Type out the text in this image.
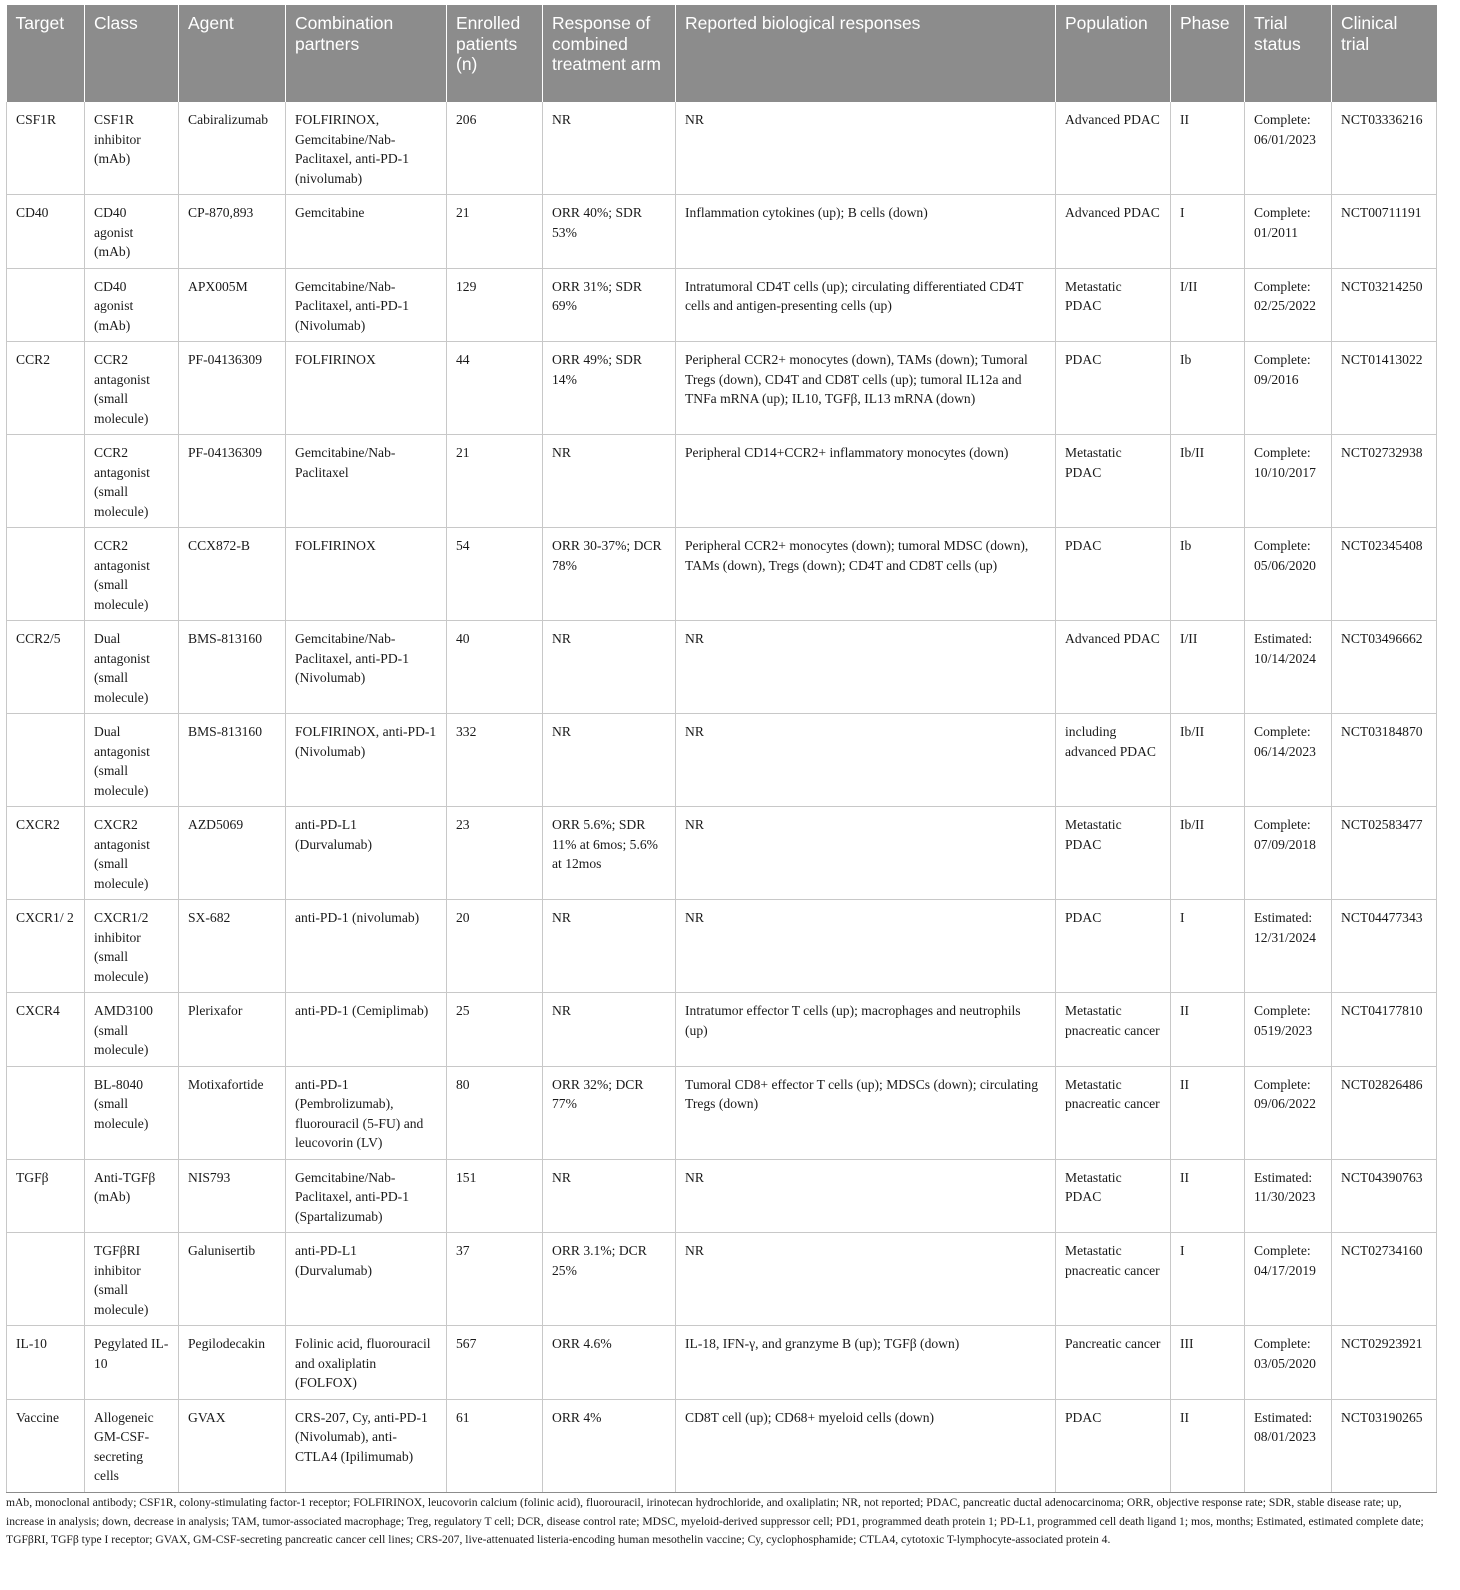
Target	Class	Agent	Combination partners	Enrolled patients (n)	Response of combined treatment arm	Reported biological responses	Population	Phase	Trial status	Clinical trial
CSF1R	CSF1R inhibitor (mAb)	Cabiralizumab	FOLFIRINOX, Gemcitabine/Nab-Paclitaxel, anti-PD-1 (nivolumab)	206	NR	NR	Advanced PDAC	II	Complete: 06/01/2023	NCT03336216
CD40	CD40 agonist (mAb)	CP-870,893	Gemcitabine	21	ORR 40%; SDR 53%	Inflammation cytokines (up); B cells (down)	Advanced PDAC	I	Complete: 01/2011	NCT00711191
	CD40 agonist (mAb)	APX005M	Gemcitabine/Nab-Paclitaxel, anti-PD-1 (Nivolumab)	129	ORR 31%; SDR 69%	Intratumoral CD4T cells (up); circulating differentiated CD4T cells and antigen-presenting cells (up)	Metastatic PDAC	I/II	Complete: 02/25/2022	NCT03214250
CCR2	CCR2 antagonist (small molecule)	PF-04136309	FOLFIRINOX	44	ORR 49%; SDR 14%	Peripheral CCR2+ monocytes (down), TAMs (down); Tumoral Tregs (down), CD4T and CD8T cells (up); tumoral IL12a and TNFa mRNA (up); IL10, TGFβ, IL13 mRNA (down)	PDAC	Ib	Complete: 09/2016	NCT01413022
	CCR2 antagonist (small molecule)	PF-04136309	Gemcitabine/Nab-Paclitaxel	21	NR	Peripheral CD14+CCR2+ inflammatory monocytes (down)	Metastatic PDAC	Ib/II	Complete: 10/10/2017	NCT02732938
	CCR2 antagonist (small molecule)	CCX872-B	FOLFIRINOX	54	ORR 30-37%; DCR 78%	Peripheral CCR2+ monocytes (down); tumoral MDSC (down), TAMs (down), Tregs (down); CD4T and CD8T cells (up)	PDAC	Ib	Complete: 05/06/2020	NCT02345408
CCR2/5	Dual antagonist (small molecule)	BMS-813160	Gemcitabine/Nab-Paclitaxel, anti-PD-1 (Nivolumab)	40	NR	NR	Advanced PDAC	I/II	Estimated: 10/14/2024	NCT03496662
	Dual antagonist (small molecule)	BMS-813160	FOLFIRINOX, anti-PD-1 (Nivolumab)	332	NR	NR	including advanced PDAC	Ib/II	Complete: 06/14/2023	NCT03184870
CXCR2	CXCR2 antagonist (small molecule)	AZD5069	anti-PD-L1 (Durvalumab)	23	ORR 5.6%; SDR 11% at 6mos; 5.6% at 12mos	NR	Metastatic PDAC	Ib/II	Complete: 07/09/2018	NCT02583477
CXCR1/ 2	CXCR1/2 inhibitor (small molecule)	SX-682	anti-PD-1 (nivolumab)	20	NR	NR	PDAC	I	Estimated: 12/31/2024	NCT04477343
CXCR4	AMD3100 (small molecule)	Plerixafor	anti-PD-1 (Cemiplimab)	25	NR	Intratumor effector T cells (up); macrophages and neutrophils (up)	Metastatic pnacreatic cancer	II	Complete: 0519/2023	NCT04177810
	BL-8040 (small molecule)	Motixafortide	anti-PD-1 (Pembrolizumab), fluorouracil (5-FU) and leucovorin (LV)	80	ORR 32%; DCR 77%	Tumoral CD8+ effector T cells (up); MDSCs (down); circulating Tregs (down)	Metastatic pnacreatic cancer	II	Complete: 09/06/2022	NCT02826486
TGFβ	Anti-TGFβ (mAb)	NIS793	Gemcitabine/Nab-Paclitaxel, anti-PD-1 (Spartalizumab)	151	NR	NR	Metastatic PDAC	II	Estimated: 11/30/2023	NCT04390763
	TGFβRI inhibitor (small molecule)	Galunisertib	anti-PD-L1 (Durvalumab)	37	ORR 3.1%; DCR 25%	NR	Metastatic pnacreatic cancer	I	Complete: 04/17/2019	NCT02734160
IL-10	Pegylated IL-10	Pegilodecakin	Folinic acid, fluorouracil and oxaliplatin (FOLFOX)	567	ORR 4.6%	IL-18, IFN-γ, and granzyme B (up); TGFβ (down)	Pancreatic cancer	III	Complete: 03/05/2020	NCT02923921
Vaccine	Allogeneic GM-CSF-secreting cells	GVAX	CRS-207, Cy, anti-PD-1 (Nivolumab), anti-CTLA4 (Ipilimumab)	61	ORR 4%	CD8T cell (up); CD68+ myeloid cells (down)	PDAC	II	Estimated: 08/01/2023	NCT03190265
mAb, monoclonal antibody; CSF1R, colony-stimulating factor-1 receptor; FOLFIRINOX, leucovorin calcium (folinic acid), fluorouracil, irinotecan hydrochloride, and oxaliplatin; NR, not reported; PDAC, pancreatic ductal adenocarcinoma; ORR, objective response rate; SDR, stable disease rate; up, increase in analysis; down, decrease in analysis; TAM, tumor-associated macrophage; Treg, regulatory T cell; DCR, disease control rate; MDSC, myeloid-derived suppressor cell; PD1, programmed death protein 1; PD-L1, programmed cell death ligand 1; mos, months; Estimated, estimated complete date; TGFβRI, TGFβ type I receptor; GVAX, GM-CSF-secreting pancreatic cancer cell lines; CRS-207, live-attenuated listeria-encoding human mesothelin vaccine; Cy, cyclophosphamide; CTLA4, cytotoxic T-lymphocyte-associated protein 4.
